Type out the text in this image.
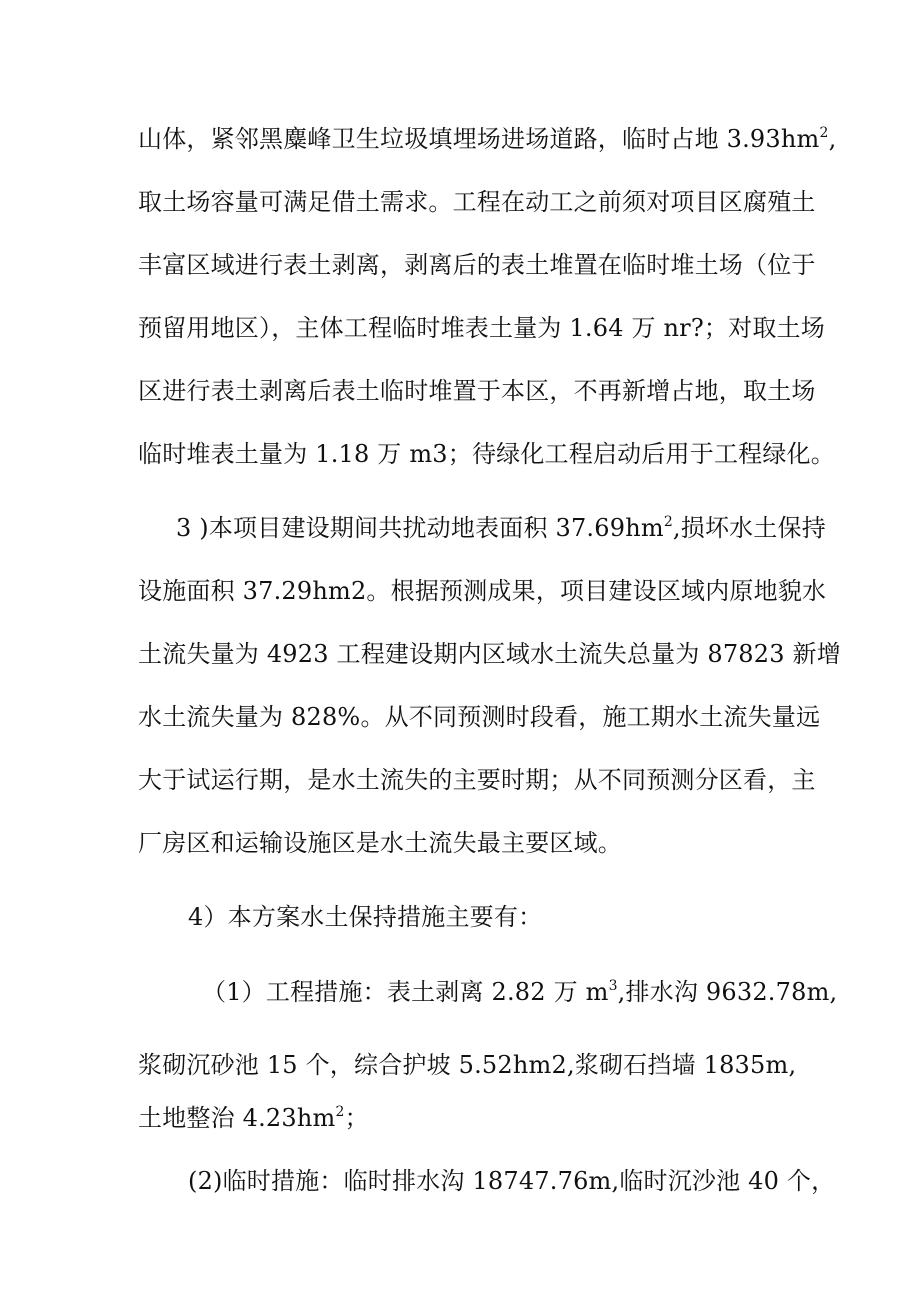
山体，紧邻黑麋峰卫生垃圾填埋场进场道路，临时占地 $3.93hm^2$,
取土场容量可满足借土需求。工程在动工之前须对项目区腐殖土
丰富区域进行表土剥离，剥离后的表土堆置在临时堆土场（位于
预留用地区），主体工程临时堆表土量为 1.64 万 nr?；对取土场
区进行表土剥离后表土临时堆置于本区，不再新增占地，取土场
临时堆表土量为 1.18 万 m3；待绿化工程启动后用于工程绿化。
3 )本项目建设期间共扰动地表面积 $37.69hm^2$,损坏水土保持
设施面积 37.29hm2。根据预测成果，项目建设区域内原地貌水
土流失量为 4923 工程建设期内区域水土流失总量为 87823 新增
水土流失量为 828%。从不同预测时段看，施工期水土流失量远
大于试运行期，是水土流失的主要时期；从不同预测分区看，主
厂房区和运输设施区是水土流失最主要区域。
4）本方案水土保持措施主要有：
（1）工程措施：表土剥离 2.82 万 $m^3$,排水沟 9632.78m,
浆砌沉砂池 15 个，综合护坡 5.52hm2,浆砌石挡墙 1835m,
土地整治 $4.23hm^2$；
(2)临时措施：临时排水沟 18747.76m,临时沉沙池 40 个，
